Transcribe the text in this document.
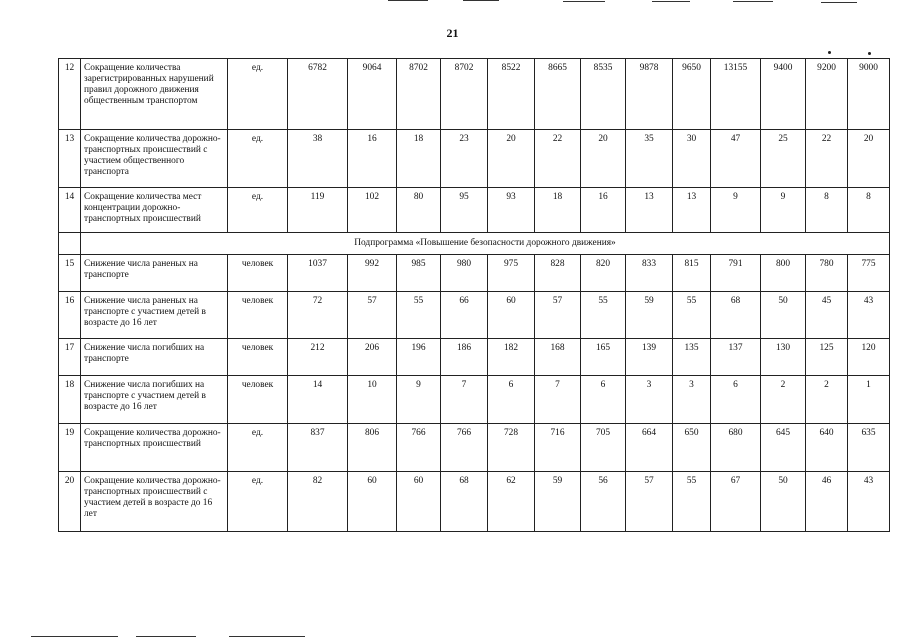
21
12	Сокращение количества зарегистрированных нарушений правил дорожного движения общественным транспортом	ед.	6782	9064	8702	8702	8522	8665	8535	9878	9650	13155	9400	9200	9000
13	Сокращение количества дорожно-транспортных происшествий с участием общественного транспорта	ед.	38	16	18	23	20	22	20	35	30	47	25	22	20
14	Сокращение количества мест концентрации дорожно-транспортных происшествий	ед.	119	102	80	95	93	18	16	13	13	9	9	8	8
	Подпрограмма «Повышение безопасности дорожного движения»														
15	Снижение числа раненых на транспорте	человек	1037	992	985	980	975	828	820	833	815	791	800	780	775
16	Снижение числа раненых на транспорте с участием детей в возрасте до 16 лет	человек	72	57	55	66	60	57	55	59	55	68	50	45	43
17	Снижение числа погибших на транспорте	человек	212	206	196	186	182	168	165	139	135	137	130	125	120
18	Снижение числа погибших на транспорте с участием детей в возрасте до 16 лет	человек	14	10	9	7	6	7	6	3	3	6	2	2	1
19	Сокращение количества дорожно-транспортных происшествий	ед.	837	806	766	766	728	716	705	664	650	680	645	640	635
20	Сокращение количества дорожно-транспортных происшествий с участием детей в возрасте до 16 лет	ед.	82	60	60	68	62	59	56	57	55	67	50	46	43
